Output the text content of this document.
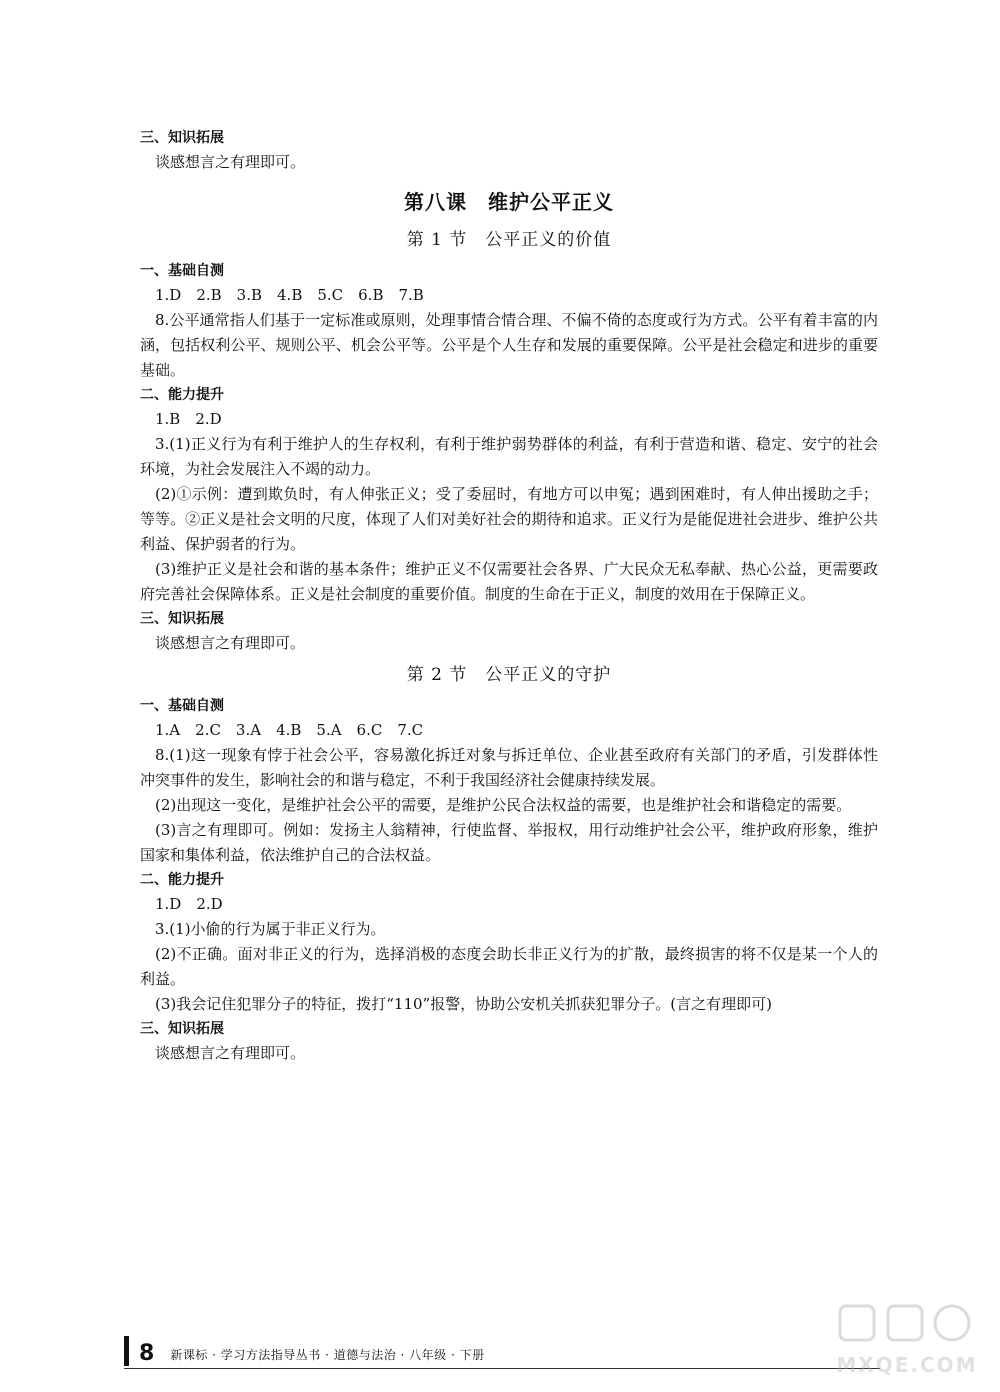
三、知识拓展

谈感想言之有理即可。

第八课　维护公平正义
第 1 节　公平正义的价值

一、基础自测

1.D　2.B　3.B　4.B　5.C　6.B　7.B

8.公平通常指人们基于一定标准或原则，处理事情合情合理、不偏不倚的态度或行为方式。公平有着丰富的内涵，包括权利公平、规则公平、机会公平等。公平是个人生存和发展的重要保障。公平是社会稳定和进步的重要基础。

二、能力提升

1.B　2.D

3.(1)正义行为有利于维护人的生存权利，有利于维护弱势群体的利益，有利于营造和谐、稳定、安宁的社会环境，为社会发展注入不竭的动力。

(2)①示例：遭到欺负时，有人伸张正义；受了委屈时，有地方可以申冤；遇到困难时，有人伸出援助之手；等等。②正义是社会文明的尺度，体现了人们对美好社会的期待和追求。正义行为是能促进社会进步、维护公共利益、保护弱者的行为。

(3)维护正义是社会和谐的基本条件；维护正义不仅需要社会各界、广大民众无私奉献、热心公益，更需要政府完善社会保障体系。正义是社会制度的重要价值。制度的生命在于正义，制度的效用在于保障正义。

三、知识拓展

谈感想言之有理即可。

第 2 节　公平正义的守护

一、基础自测

1.A　2.C　3.A　4.B　5.A　6.C　7.C

8.(1)这一现象有悖于社会公平，容易激化拆迁对象与拆迁单位、企业甚至政府有关部门的矛盾，引发群体性冲突事件的发生，影响社会的和谐与稳定，不利于我国经济社会健康持续发展。

(2)出现这一变化，是维护社会公平的需要，是维护公民合法权益的需要，也是维护社会和谐稳定的需要。

(3)言之有理即可。例如：发扬主人翁精神，行使监督、举报权，用行动维护社会公平，维护政府形象，维护国家和集体利益，依法维护自己的合法权益。

二、能力提升

1.D　2.D

3.(1)小偷的行为属于非正义行为。

(2)不正确。面对非正义的行为，选择消极的态度会助长非正义行为的扩散，最终损害的将不仅是某一个人的利益。

(3)我会记住犯罪分子的特征，拨打“110”报警，协助公安机关抓获犯罪分子。(言之有理即可)

三、知识拓展

谈感想言之有理即可。

8 新课标 · 学习方法指导丛书 · 道德与法治 · 八年级 · 下册	MXQE.COM
